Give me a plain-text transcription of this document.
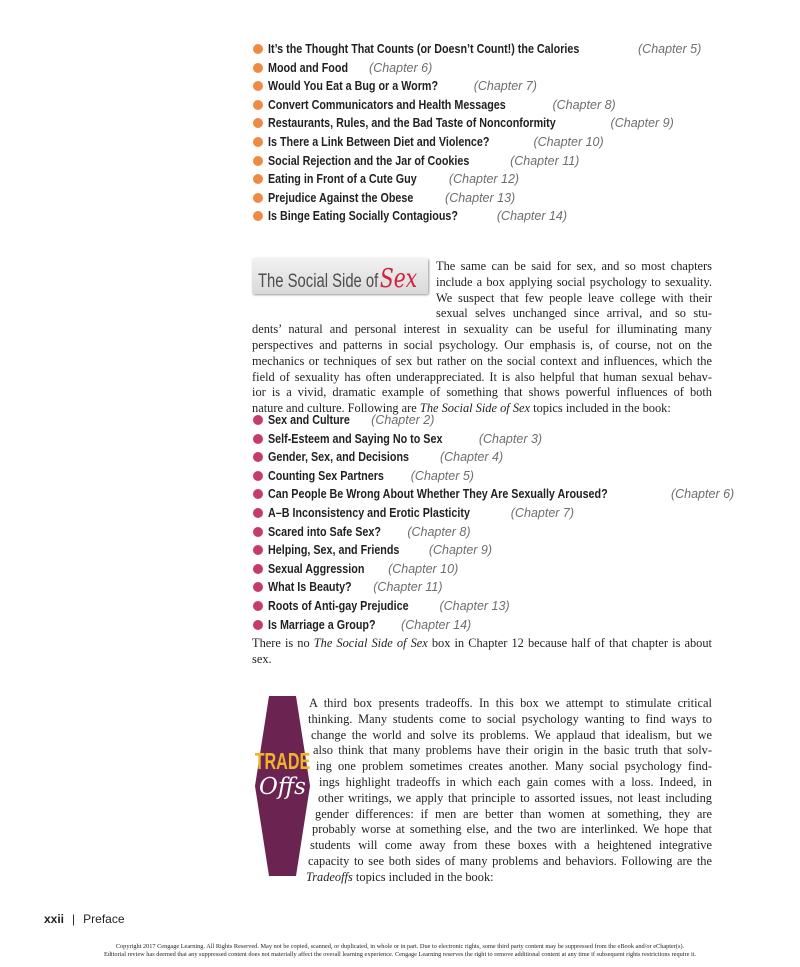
It’s the Thought That Counts (or Doesn’t Count!) the Calories	(Chapter 5)
Mood and Food (Chapter 6)
Would You Eat a Bug or a Worm?	(Chapter 7)
Convert Communicators and Health Messages	(Chapter 8)
Restaurants, Rules, and the Bad Taste of Nonconformity	(Chapter 9)
Is There a Link Between Diet and Violence?	(Chapter 10)
Social Rejection and the Jar of Cookies	(Chapter 11)
Eating in Front of a Cute Guy	(Chapter 12)
Prejudice Against the Obese	(Chapter 13)
Is Binge Eating Socially Contagious?	(Chapter 14)
The Social Side ofSex The same can be said for sex, and so most chapters
include a box applying social psychology to sexuality.
We suspect that few people leave college with their
sexual selves unchanged since arrival, and so stu-
dents’ natural and personal interest in sexuality can be useful for illuminating many
perspectives and patterns in social psychology. Our emphasis is, of course, not on the
mechanics or techniques of sex but rather on the social context and influences, which the
field of sexuality has often underappreciated. It is also helpful that human sexual behav-
ior is a vivid, dramatic example of something that shows powerful influences of both
nature and culture. Following are The Social Side of Sex topics included in the book:
Sex and Culture (Chapter 2)
Self-Esteem and Saying No to Sex	(Chapter 3)
Gender, Sex, and Decisions (Chapter 4)
Counting Sex Partners (Chapter 5)
Can People Be Wrong About Whether They Are Sexually Aroused?	(Chapter 6)
A–B Inconsistency and Erotic Plasticity	(Chapter 7)
Scared into Safe Sex? (Chapter 8)
Helping, Sex, and Friends (Chapter 9)
Sexual Aggression (Chapter 10)
What Is Beauty? (Chapter 11)
Roots of Anti-gay Prejudice (Chapter 13)
Is Marriage a Group? (Chapter 14)
There is no The Social Side of Sex box in Chapter 12 because half of that chapter is about
sex.
TRADE
Offs
A third box presents tradeoffs. In this box we attempt to stimulate critical
thinking. Many students come to social psychology wanting to find ways to
change the world and solve its problems. We applaud that idealism, but we
also think that many problems have their origin in the basic truth that solv-
ing one problem sometimes creates another. Many social psychology find-
ings highlight tradeoffs in which each gain comes with a loss. Indeed, in
other writings, we apply that principle to assorted issues, not least including
gender differences: if men are better than women at something, they are
probably worse at something else, and the two are interlinked. We hope that
students will come away from these boxes with a heightened integrative
capacity to see both sides of many problems and behaviors. Following are the
Tradeoffs topics included in the book:
xxii | Preface
Copyright 2017 Cengage Learning. All Rights Reserved. May not be copied, scanned, or duplicated, in whole or in part. Due to electronic rights, some third party content may be suppressed from the eBook and/or eChapter(s).
Editorial review has deemed that any suppressed content does not materially affect the overall learning experience. Cengage Learning reserves the right to remove additional content at any time if subsequent rights restrictions require it.
